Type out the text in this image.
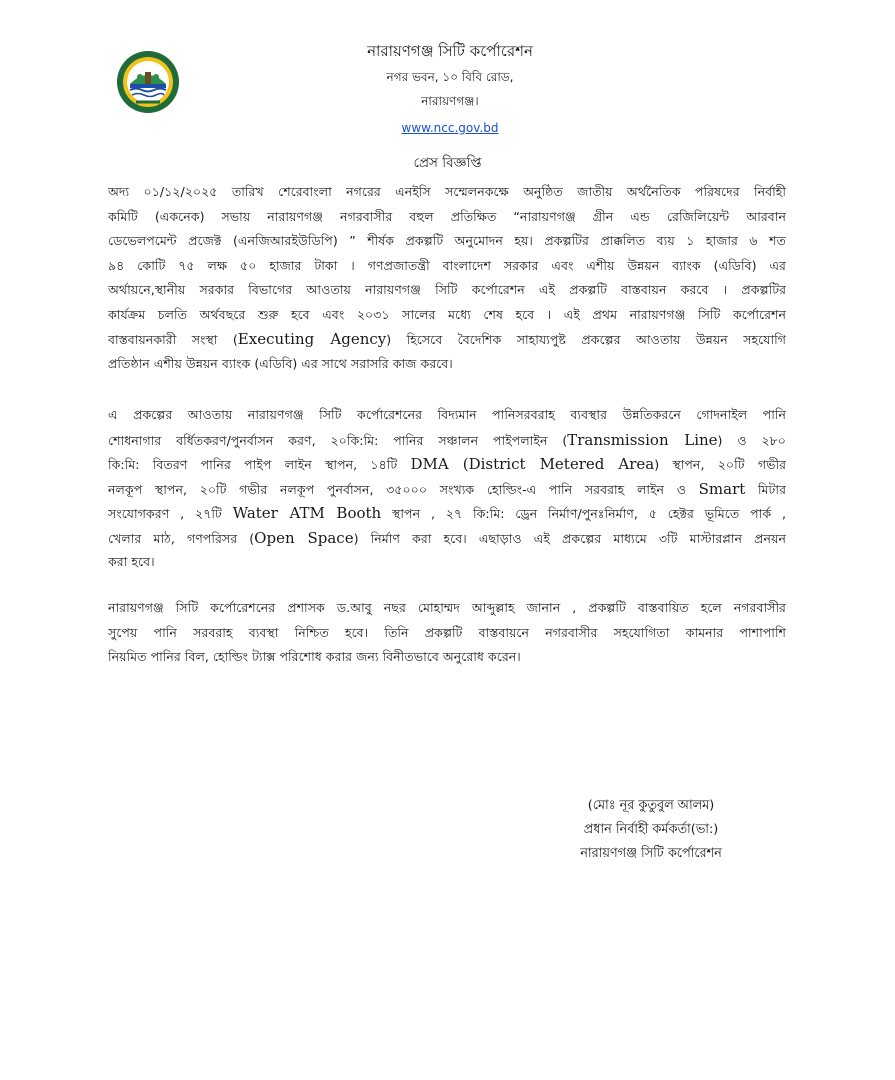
নারায়ণগঞ্জ সিটি কর্পোরেশন
নগর ভবন, ১০ বিবি রোড,
নারায়ণগঞ্জ।
www.ncc.gov.bd
প্রেস বিজ্ঞপ্তি
অদ্য ০১/১২/২০২৫ তারিখ শেরেবাংলা নগরের এনইসি সম্মেলনকক্ষে অনুষ্ঠিত জাতীয় অর্থনৈতিক পরিষদের নির্বাহী
কমিটি (একনেক) সভায় নারায়ণগঞ্জ নগরবাসীর বহুল প্রতিক্ষিত “নারায়ণগঞ্জ গ্রীন এন্ড রেজিলিয়েন্ট আরবান
ডেভেলপমেন্ট প্রজেক্ট (এনজিআরইউডিপি) ” শীর্ষক প্রকল্পটি অনুমোদন হয়। প্রকল্পটির প্রাক্কলিত ব্যয় ১ হাজার ৬ শত
৯৪ কোটি ৭৫ লক্ষ ৫০ হাজার টাকা । গণপ্রজাতন্ত্রী বাংলাদেশ সরকার এবং এশীয় উন্নয়ন ব্যাংক (এডিবি) এর
অর্থায়নে,স্থানীয় সরকার বিভাগের আওতায় নারায়ণগঞ্জ সিটি কর্পোরেশন এই প্রকল্পটি বাস্তবায়ন করবে । প্রকল্পটির
কার্যক্রম চলতি অর্থবছরে শুরু হবে এবং ২০৩১ সালের মধ্যে শেষ হবে । এই প্রথম নারায়ণগঞ্জ সিটি কর্পোরেশন
বাস্তবায়নকারী সংস্থা (Executing Agency) হিসেবে বৈদেশিক সাহায্যপুষ্ট প্রকল্পের আওতায় উন্নয়ন সহযোগি
প্রতিষ্ঠান এশীয় উন্নয়ন ব্যাংক (এডিবি) এর সাথে সরাসরি কাজ করবে।
এ প্রকল্পের আওতায় নারায়ণগঞ্জ সিটি কর্পোরেশনের বিদ্যমান পানিসরবরাহ ব্যবস্থার উন্নতিকরনে গোদনাইল পানি
শোধনাগার বর্ধিতকরণ/পুনর্বাসন করণ, ২০কি:মি: পানির সঞ্চালন পাইপলাইন (Transmission Line) ও ২৮০
কি:মি: বিতরণ পানির পাইপ লাইন স্থাপন, ১৪টি DMA (District Metered Area) স্থাপন, ২০টি গভীর
নলকূপ স্থাপন, ২০টি গভীর নলকূপ পুনর্বাসন, ৩৫০০০ সংখ্যক হোল্ডিং-এ পানি সরবরাহ লাইন ও Smart মিটার
সংযোগকরণ , ২৭টি Water ATM Booth স্থাপন , ২৭ কি:মি: ড্রেন নির্মাণ/পুনঃনির্মাণ, ৫ হেক্টর ভূমিতে পার্ক ,
খেলার মাঠ, গণপরিসর (Open Space) নির্মাণ করা হবে। এছাড়াও এই প্রকল্পের মাধ্যমে ৩টি মাস্টারপ্লান প্রনয়ন
করা হবে।
নারায়ণগঞ্জ সিটি কর্পোরেশনের প্রশাসক ড.আবু নছর মোহাম্মদ আব্দুল্লাহ জানান , প্রকল্পটি বাস্তবায়িত হলে নগরবাসীর
সুপেয় পানি সরবরাহ ব্যবস্থা নিশ্চিত হবে। তিনি প্রকল্পটি বাস্তবায়নে নগরবাসীর সহযোগিতা কামনার পাশাপাশি
নিয়মিত পানির বিল, হোল্ডিং ট্যাক্স পরিশোধ করার জন্য বিনীতভাবে অনুরোধ করেন।
(মোঃ নূর কুতুবুল আলম)
প্রধান নির্বাহী কর্মকর্তা(ভা:)
নারায়ণগঞ্জ সিটি কর্পোরেশন
